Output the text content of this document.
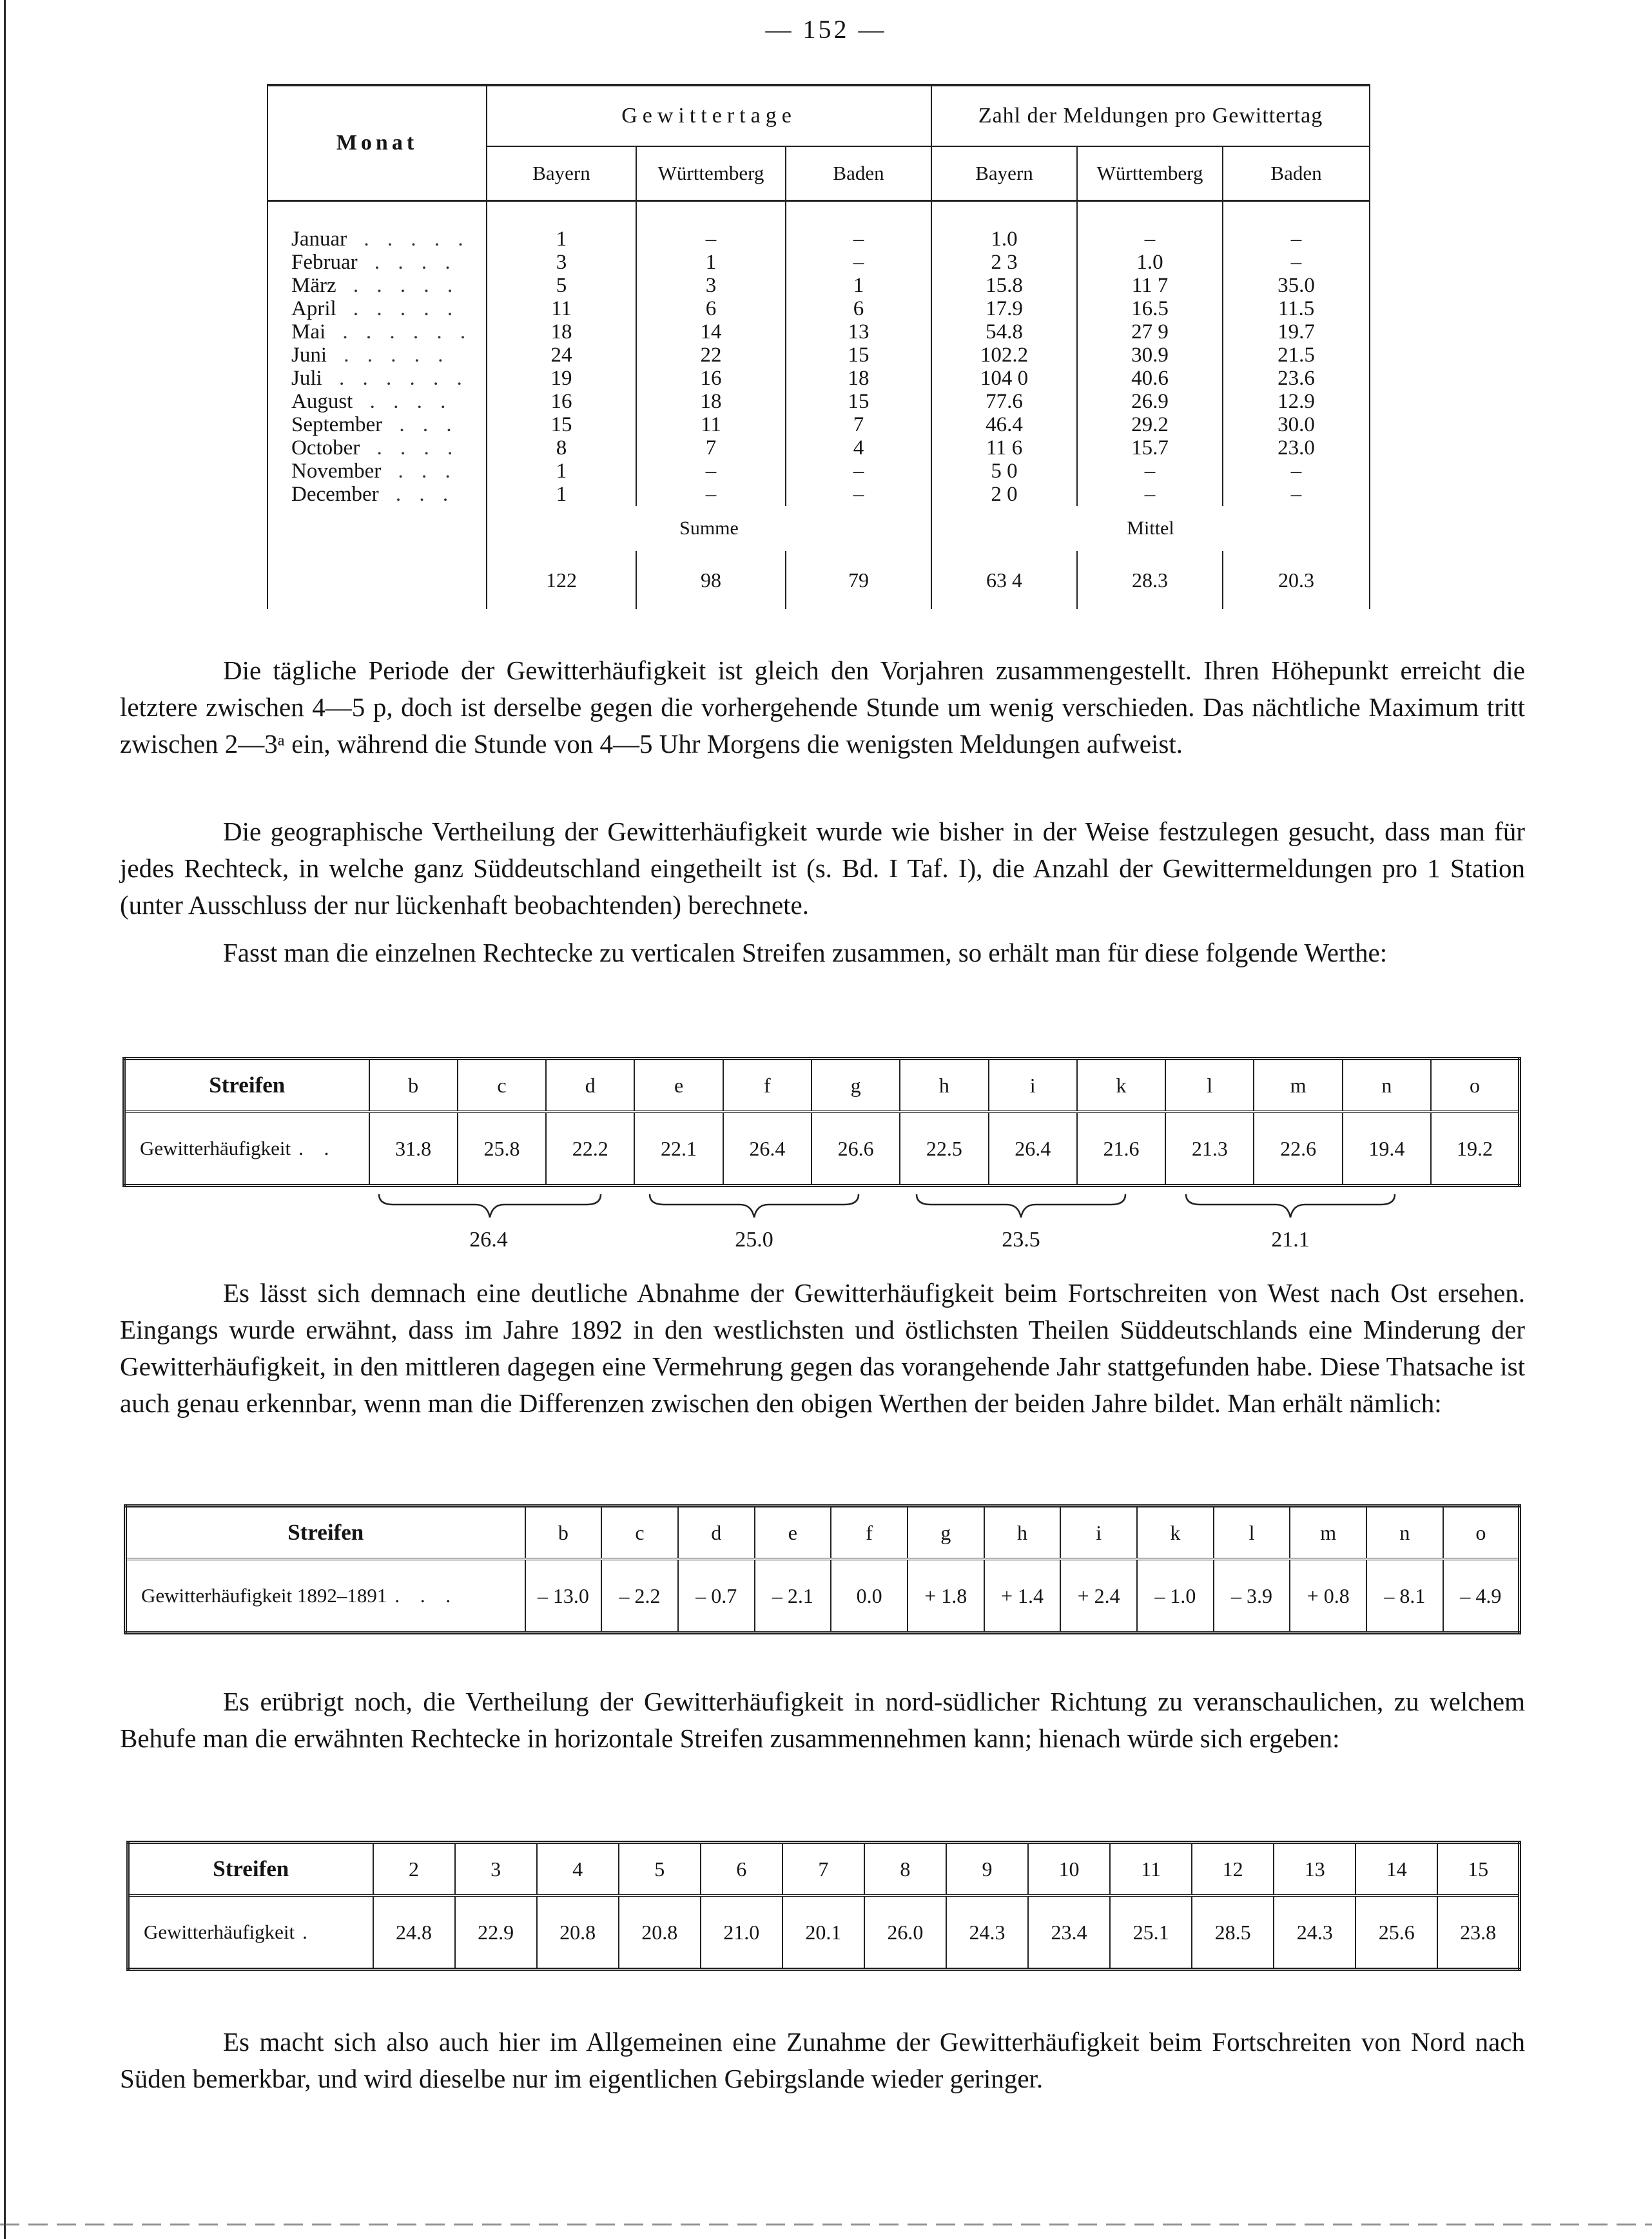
— 152 —
Monat	Gewittertage			Zahl der Meldungen pro Gewittertag		
	Bayern	Württemberg	Baden	Bayern	Württemberg	Baden

Januar . . . . .	1	–	–	1.0	–	–
Februar . . . .	3	1	–	2 3	1.0	–
März . . . . .	5	3	1	15.8	11 7	35.0
April . . . . .	11	6	6	17.9	16.5	11.5
Mai . . . . . .	18	14	13	54.8	27 9	19.7
Juni . . . . .	24	22	15	102.2	30.9	21.5
Juli . . . . . .	19	16	18	104 0	40.6	23.6
August . . . .	16	18	15	77.6	26.9	12.9
September . . .	15	11	7	46.4	29.2	30.0
October . . . .	8	7	4	11 6	15.7	23.0
November . . .	1	–	–	5 0	–	–
December . . .	1	–	–	2 0	–	–
	Summe			Mittel		
	122	98	79	63 4	28.3	20.3

Die tägliche Periode der Gewitterhäufigkeit ist gleich den Vorjahren zusammengestellt. Ihren Höhepunkt erreicht die letztere zwischen 4—5 p, doch ist derselbe gegen die vorhergehende Stunde um wenig verschieden. Das nächtliche Maximum tritt zwischen 2—3ᵃ ein, während die Stunde von 4—5 Uhr Morgens die wenigsten Meldungen aufweist.

Die geographische Vertheilung der Gewitterhäufigkeit wurde wie bisher in der Weise festzulegen gesucht, dass man für jedes Rechteck, in welche ganz Süddeutschland eingetheilt ist (s. Bd. I Taf. I), die Anzahl der Gewittermeldungen pro 1 Station (unter Ausschluss der nur lückenhaft beobachtenden) berechnete.

Fasst man die einzelnen Rechtecke zu verticalen Streifen zusammen, so erhält man für diese folgende Werthe:

Streifen	b	c	d	e	f	g	h	i	k	l	m	n	o
Gewitterhäufigkeit . .	31.8	25.8	22.2	22.1	26.4	26.6	22.5	26.4	21.6	21.3	22.6	19.4	19.2
26.4	25.0	23.5	21.1

Es lässt sich demnach eine deutliche Abnahme der Gewitterhäufigkeit beim Fortschreiten von West nach Ost ersehen. Eingangs wurde erwähnt, dass im Jahre 1892 in den westlichsten und östlichsten Theilen Süddeutschlands eine Minderung der Gewitterhäufigkeit, in den mittleren dagegen eine Vermehrung gegen das vorangehende Jahr stattgefunden habe. Diese Thatsache ist auch genau erkennbar, wenn man die Differenzen zwischen den obigen Werthen der beiden Jahre bildet. Man erhält nämlich:

Streifen	b	c	d	e	f	g	h	i	k	l	m	n	o
Gewitterhäufigkeit 1892–1891 . . .	– 13.0	– 2.2	– 0.7	– 2.1	0.0	+ 1.8	+ 1.4	+ 2.4	– 1.0	– 3.9	+ 0.8	– 8.1	– 4.9

Es erübrigt noch, die Vertheilung der Gewitterhäufigkeit in nord-südlicher Richtung zu veranschaulichen, zu welchem Behufe man die erwähnten Rechtecke in horizontale Streifen zusammennehmen kann; hienach würde sich ergeben:

Streifen	2	3	4	5	6	7	8	9	10	11	12	13	14	15
Gewitterhäufigkeit .	24.8	22.9	20.8	20.8	21.0	20.1	26.0	24.3	23.4	25.1	28.5	24.3	25.6	23.8

Es macht sich also auch hier im Allgemeinen eine Zunahme der Gewitterhäufigkeit beim Fortschreiten von Nord nach Süden bemerkbar, und wird dieselbe nur im eigentlichen Gebirgslande wieder geringer.
